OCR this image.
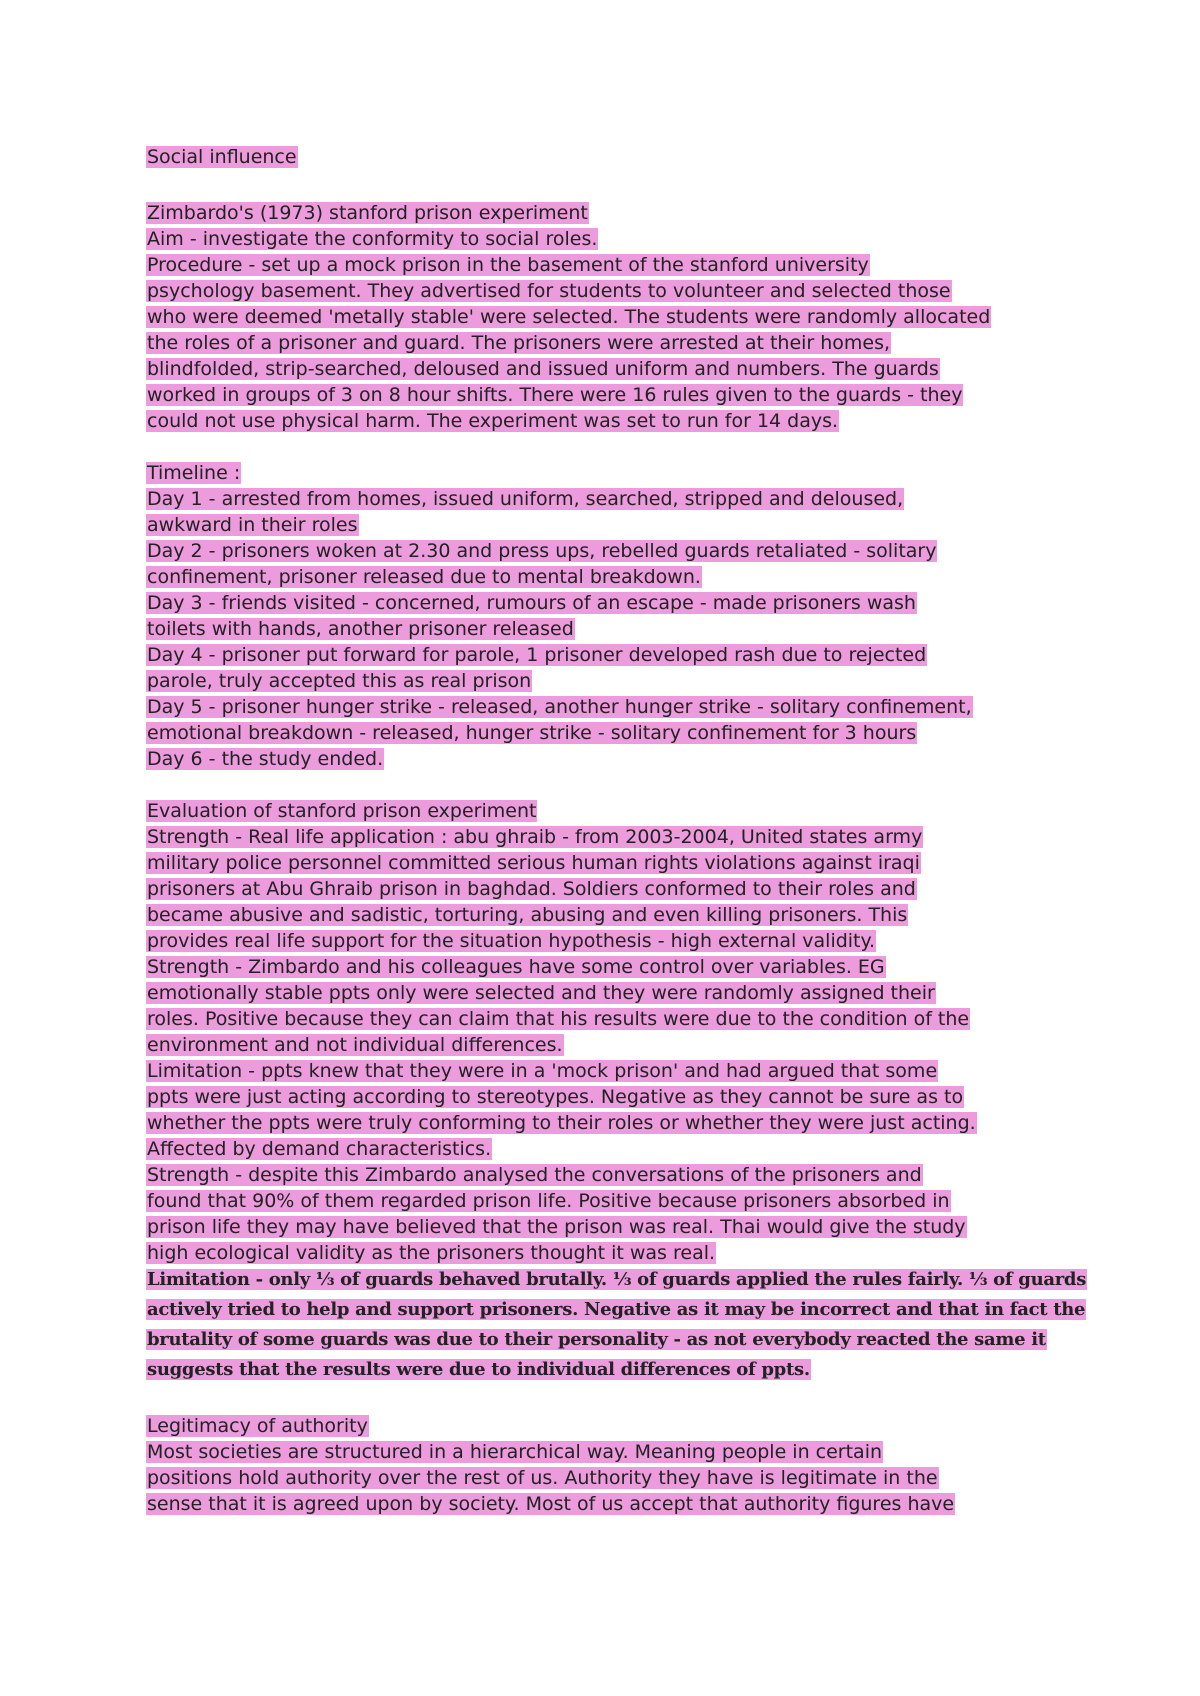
Social influence
Zimbardo's (1973) stanford prison experiment
Aim - investigate the conformity to social roles.
Procedure - set up a mock prison in the basement of the stanford university
psychology basement. They advertised for students to volunteer and selected those
who were deemed 'metally stable' were selected. The students were randomly allocated
the roles of a prisoner and guard. The prisoners were arrested at their homes,
blindfolded, strip-searched, deloused and issued uniform and numbers. The guards
worked in groups of 3 on 8 hour shifts. There were 16 rules given to the guards - they
could not use physical harm. The experiment was set to run for 14 days.
Timeline :
Day 1 - arrested from homes, issued uniform, searched, stripped and deloused,
awkward in their roles
Day 2 - prisoners woken at 2.30 and press ups, rebelled guards retaliated - solitary
confinement, prisoner released due to mental breakdown.
Day 3 - friends visited - concerned, rumours of an escape - made prisoners wash
toilets with hands, another prisoner released
Day 4 - prisoner put forward for parole, 1 prisoner developed rash due to rejected
parole, truly accepted this as real prison
Day 5 - prisoner hunger strike - released, another hunger strike - solitary confinement,
emotional breakdown - released, hunger strike - solitary confinement for 3 hours
Day 6 - the study ended.
Evaluation of stanford prison experiment
Strength - Real life application : abu ghraib - from 2003-2004, United states army
military police personnel committed serious human rights violations against iraqi
prisoners at Abu Ghraib prison in baghdad. Soldiers conformed to their roles and
became abusive and sadistic, torturing, abusing and even killing prisoners. This
provides real life support for the situation hypothesis - high external validity.
Strength - Zimbardo and his colleagues have some control over variables. EG
emotionally stable ppts only were selected and they were randomly assigned their
roles. Positive because they can claim that his results were due to the condition of the
environment and not individual differences.
Limitation - ppts knew that they were in a 'mock prison' and had argued that some
ppts were just acting according to stereotypes. Negative as they cannot be sure as to
whether the ppts were truly conforming to their roles or whether they were just acting.
Affected by demand characteristics.
Strength - despite this Zimbardo analysed the conversations of the prisoners and
found that 90% of them regarded prison life. Positive because prisoners absorbed in
prison life they may have believed that the prison was real. Thai would give the study
high ecological validity as the prisoners thought it was real.
Limitation - only ⅓ of guards behaved brutally. ⅓ of guards applied the rules fairly. ⅓ of guards
actively tried to help and support prisoners. Negative as it may be incorrect and that in fact the
brutality of some guards was due to their personality - as not everybody reacted the same it
suggests that the results were due to individual differences of ppts.
Legitimacy of authority
Most societies are structured in a hierarchical way. Meaning people in certain
positions hold authority over the rest of us. Authority they have is legitimate in the
sense that it is agreed upon by society. Most of us accept that authority figures have
